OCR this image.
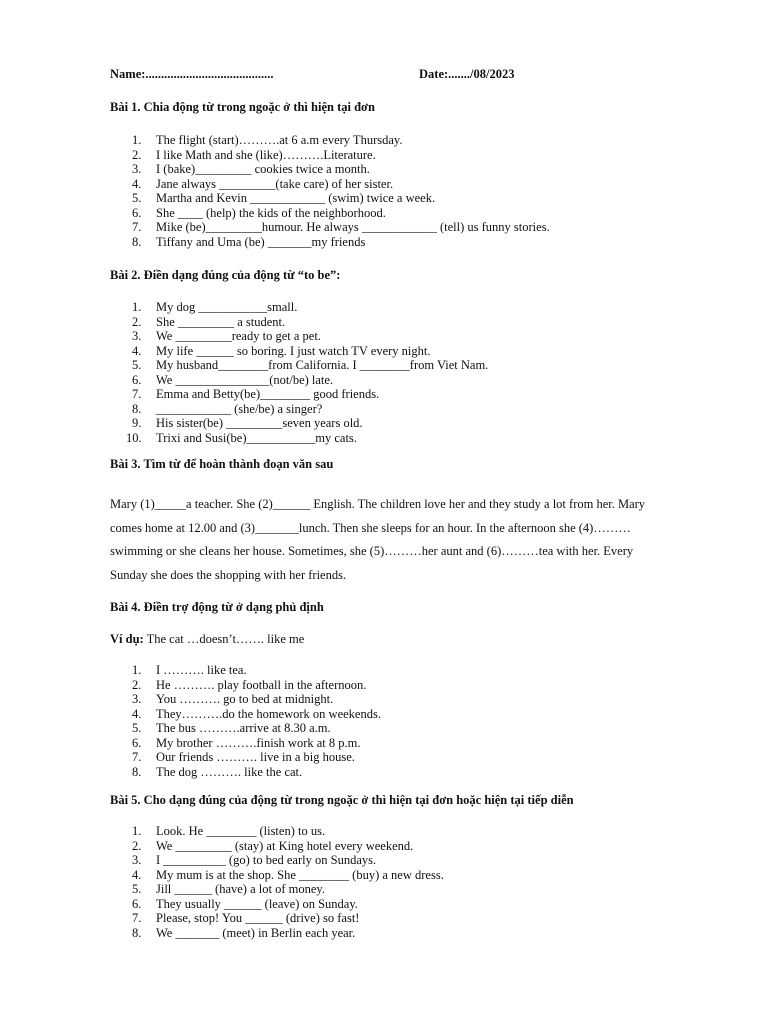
Name:.........................................	Date:......./08/2023
Bài 1. Chia động từ trong ngoặc ở thì hiện tại đơn
1.	The flight (start)……….at 6 a.m every Thursday.
2.	I like Math and she (like)……….Literature.
3.	I (bake)_________ cookies twice a month.
4.	Jane always _________(take care) of her sister.
5.	Martha and Kevin ____________ (swim) twice a week.
6.	She ____ (help) the kids of the neighborhood.
7.	Mike (be)_________humour. He always ____________ (tell) us funny stories.
8.	Tiffany and Uma (be) _______my friends
Bài 2. Điền dạng đúng của động từ “to be”:
1.	My dog ___________small.
2.	She _________ a student.
3.	We _________ready to get a pet.
4.	My life ______ so boring. I just watch TV every night.
5.	My husband________from California. I ________from Viet Nam.
6.	We _______________(not/be) late.
7.	Emma and Betty(be)________ good friends.
8.	____________ (she/be) a singer?
9.	His sister(be) _________seven years old.
10.	Trixi and Susi(be)___________my cats.
Bài 3. Tìm từ để hoàn thành đoạn văn sau
Mary (1)_____a teacher. She (2)______ English. The children love her and they study a lot from her. Mary
comes home at 12.00 and (3)_______lunch. Then she sleeps for an hour. In the afternoon she (4)………
swimming or she cleans her house. Sometimes, she (5)………her aunt and (6)………tea with her. Every
Sunday she does the shopping with her friends.
Bài 4. Điền trợ động từ ở dạng phủ định
Ví dụ: The cat …doesn’t……. like me
1.	I ………. like tea.
2.	He ………. play football in the afternoon.
3.	You ………. go to bed at midnight.
4.	They……….do the homework on weekends.
5.	The bus ……….arrive at 8.30 a.m.
6.	My brother ……….finish work at 8 p.m.
7.	Our friends ………. live in a big house.
8.	The dog ………. like the cat.
Bài 5. Cho dạng đúng của động từ trong ngoặc ở thì hiện tại đơn hoặc hiện tại tiếp diễn
1.	Look. He ________ (listen) to us.
2.	We _________ (stay) at King hotel every weekend.
3.	I __________ (go) to bed early on Sundays.
4.	My mum is at the shop. She ________ (buy) a new dress.
5.	Jill ______ (have) a lot of money.
6.	They usually ______ (leave) on Sunday.
7.	Please, stop! You ______ (drive) so fast!
8.	We _______ (meet) in Berlin each year.
